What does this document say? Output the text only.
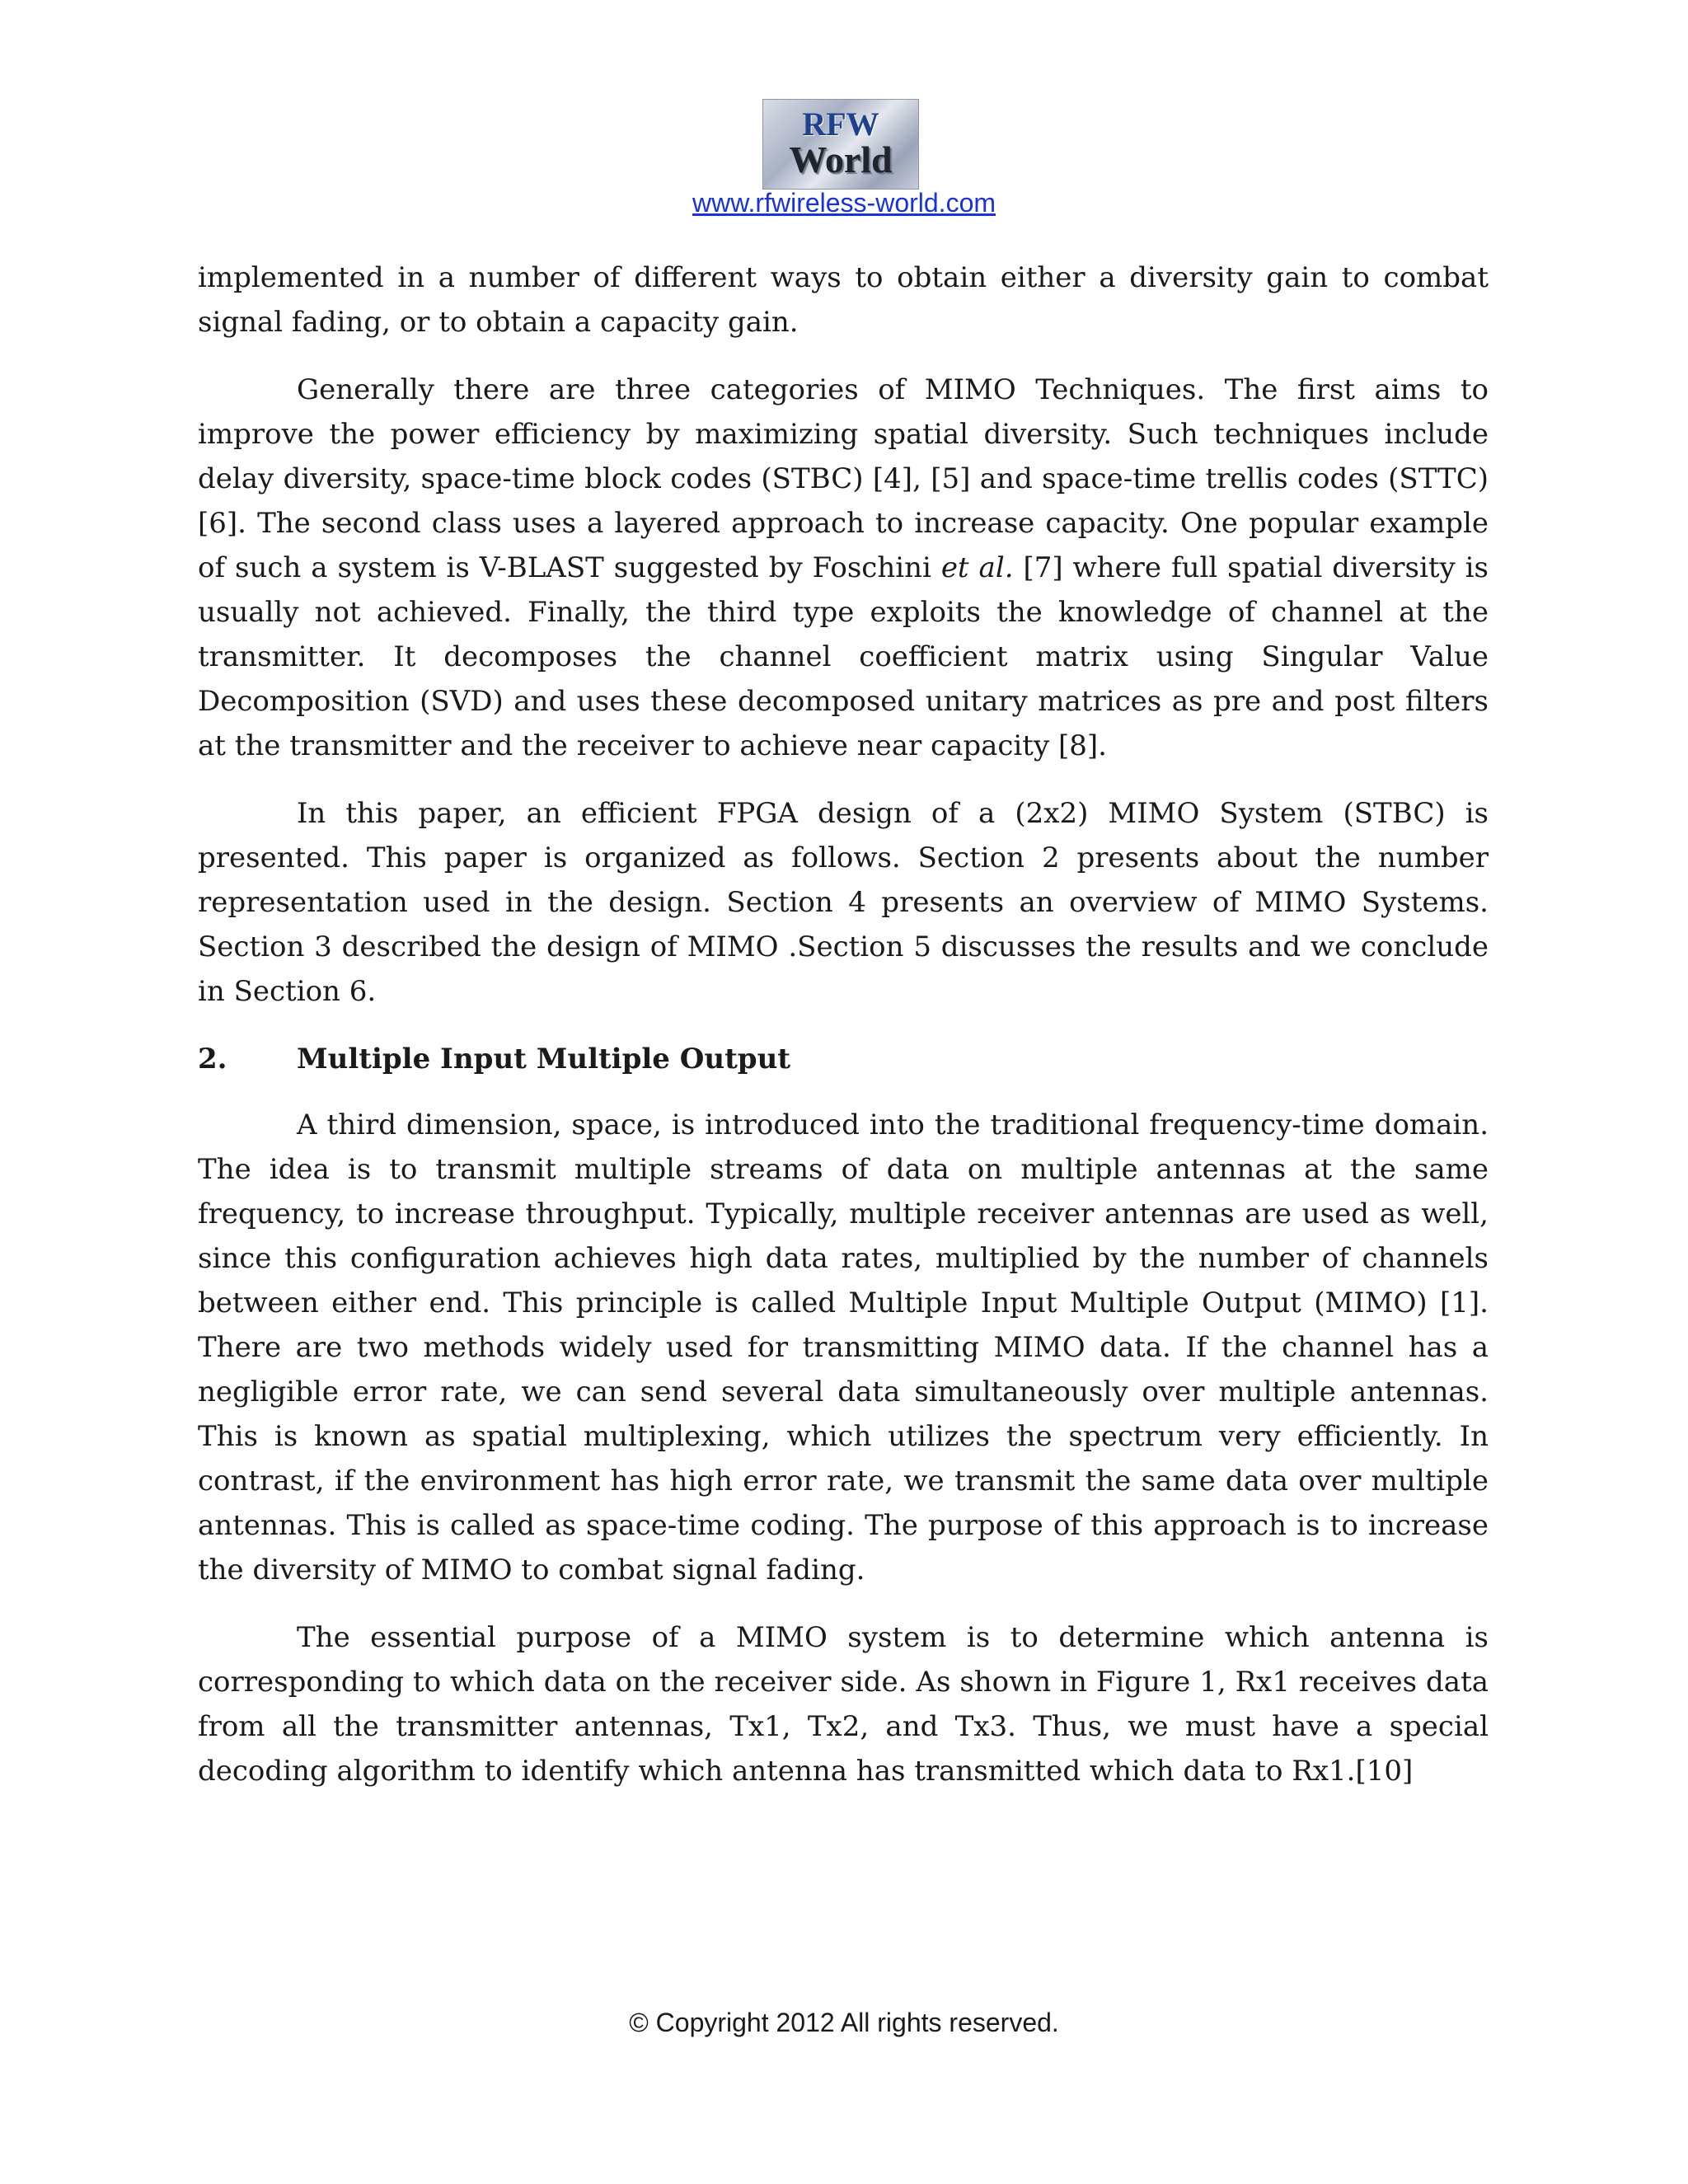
RFW
World
www.rfwireless-world.com

implemented in a number of different ways to obtain either a diversity gain to combat signal fading, or to obtain a capacity gain.

Generally there are three categories of MIMO Techniques. The first aims to improve the power efficiency by maximizing spatial diversity. Such techniques include delay diversity, space-time block codes (STBC) [4], [5] and space-time trellis codes (STTC) [6]. The second class uses a layered approach to increase capacity. One popular example of such a system is V-BLAST suggested by Foschini et al. [7] where full spatial diversity is usually not achieved. Finally, the third type exploits the knowledge of channel at the transmitter. It decomposes the channel coefficient matrix using Singular Value Decomposition (SVD) and uses these decomposed unitary matrices as pre and post filters at the transmitter and the receiver to achieve near capacity [8].

In this paper, an efficient FPGA design of a (2x2) MIMO System (STBC) is presented. This paper is organized as follows. Section 2 presents about the number representation used in the design. Section 4 presents an overview of MIMO Systems. Section 3 described the design of MIMO .Section 5 discusses the results and we conclude in Section 6.

2. Multiple Input Multiple Output

A third dimension, space, is introduced into the traditional frequency-time domain. The idea is to transmit multiple streams of data on multiple antennas at the same frequency, to increase throughput. Typically, multiple receiver antennas are used as well, since this configuration achieves high data rates, multiplied by the number of channels between either end. This principle is called Multiple Input Multiple Output (MIMO) [1]. There are two methods widely used for transmitting MIMO data. If the channel has a negligible error rate, we can send several data simultaneously over multiple antennas. This is known as spatial multiplexing, which utilizes the spectrum very efficiently. In contrast, if the environment has high error rate, we transmit the same data over multiple antennas. This is called as space-time coding. The purpose of this approach is to increase the diversity of MIMO to combat signal fading.

The essential purpose of a MIMO system is to determine which antenna is corresponding to which data on the receiver side. As shown in Figure 1, Rx1 receives data from all the transmitter antennas, Tx1, Tx2, and Tx3. Thus, we must have a special decoding algorithm to identify which antenna has transmitted which data to Rx1.[10]

© Copyright 2012 All rights reserved.
